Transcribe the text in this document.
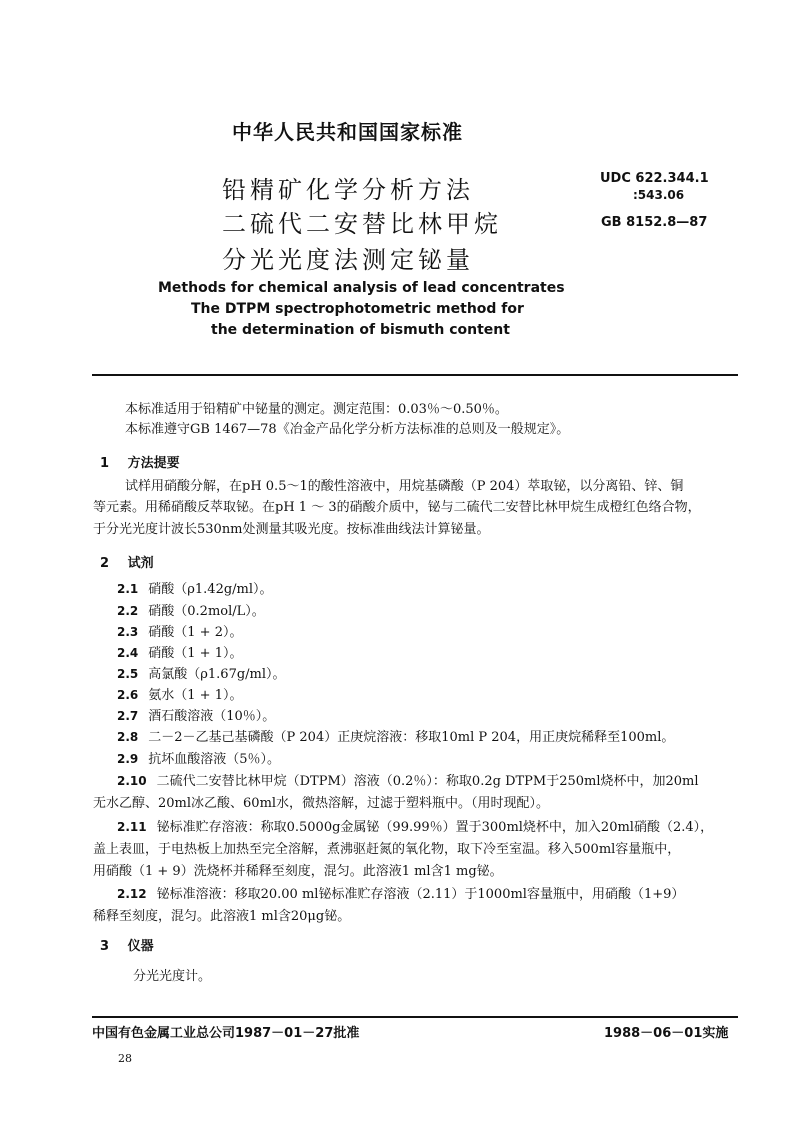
中华人民共和国国家标准
铅精矿化学分析方法
二硫代二安替比林甲烷
分光光度法测定铋量
UDC 622.344.1
:543.06
GB 8152.8—87
Methods for chemical analysis of lead concentrates
The DTPM spectrophotometric method for
the determination of bismuth content
本标准适用于铅精矿中铋量的测定。测定范围：0.03％～0.50％。
本标准遵守GB 1467—78《冶金产品化学分析方法标准的总则及一般规定》。
1 方法提要
试样用硝酸分解，在pH 0.5～1的酸性溶液中，用烷基磷酸（P 204）萃取铋，以分离铅、锌、铜
等元素。用稀硝酸反萃取铋。在pH 1 ～ 3的硝酸介质中，铋与二硫代二安替比林甲烷生成橙红色络合物，
于分光光度计波长530nm处测量其吸光度。按标准曲线法计算铋量。
2 试剂
2.1 硝酸（ρ1.42g/ml）。
2.2 硝酸（0.2mol/L）。
2.3 硝酸（1 + 2）。
2.4 硝酸（1 + 1）。
2.5 高氯酸（ρ1.67g/ml）。
2.6 氨水（1 + 1）。
2.7 酒石酸溶液（10％）。
2.8 二－2－乙基己基磷酸（P 204）正庚烷溶液：移取10ml P 204，用正庚烷稀释至100ml。
2.9 抗坏血酸溶液（5％）。
2.10 二硫代二安替比林甲烷（DTPM）溶液（0.2％）：称取0.2g DTPM于250ml烧杯中，加20ml
无水乙醇、20ml冰乙酸、60ml水，微热溶解，过滤于塑料瓶中。（用时现配）。
2.11 铋标准贮存溶液：称取0.5000g金属铋（99.99％）置于300ml烧杯中，加入20ml硝酸（2.4），
盖上表皿，于电热板上加热至完全溶解，煮沸驱赶氮的氧化物，取下冷至室温。移入500ml容量瓶中，
用硝酸（1 + 9）洗烧杯并稀释至刻度，混匀。此溶液1 ml含1 mg铋。
2.12 铋标准溶液：移取20.00 ml铋标准贮存溶液（2.11）于1000ml容量瓶中，用硝酸（1+9）
稀释至刻度，混匀。此溶液1 ml含20μg铋。
3 仪器
分光光度计。
中国有色金属工业总公司1987－01－27批准	1988－06－01实施
28
